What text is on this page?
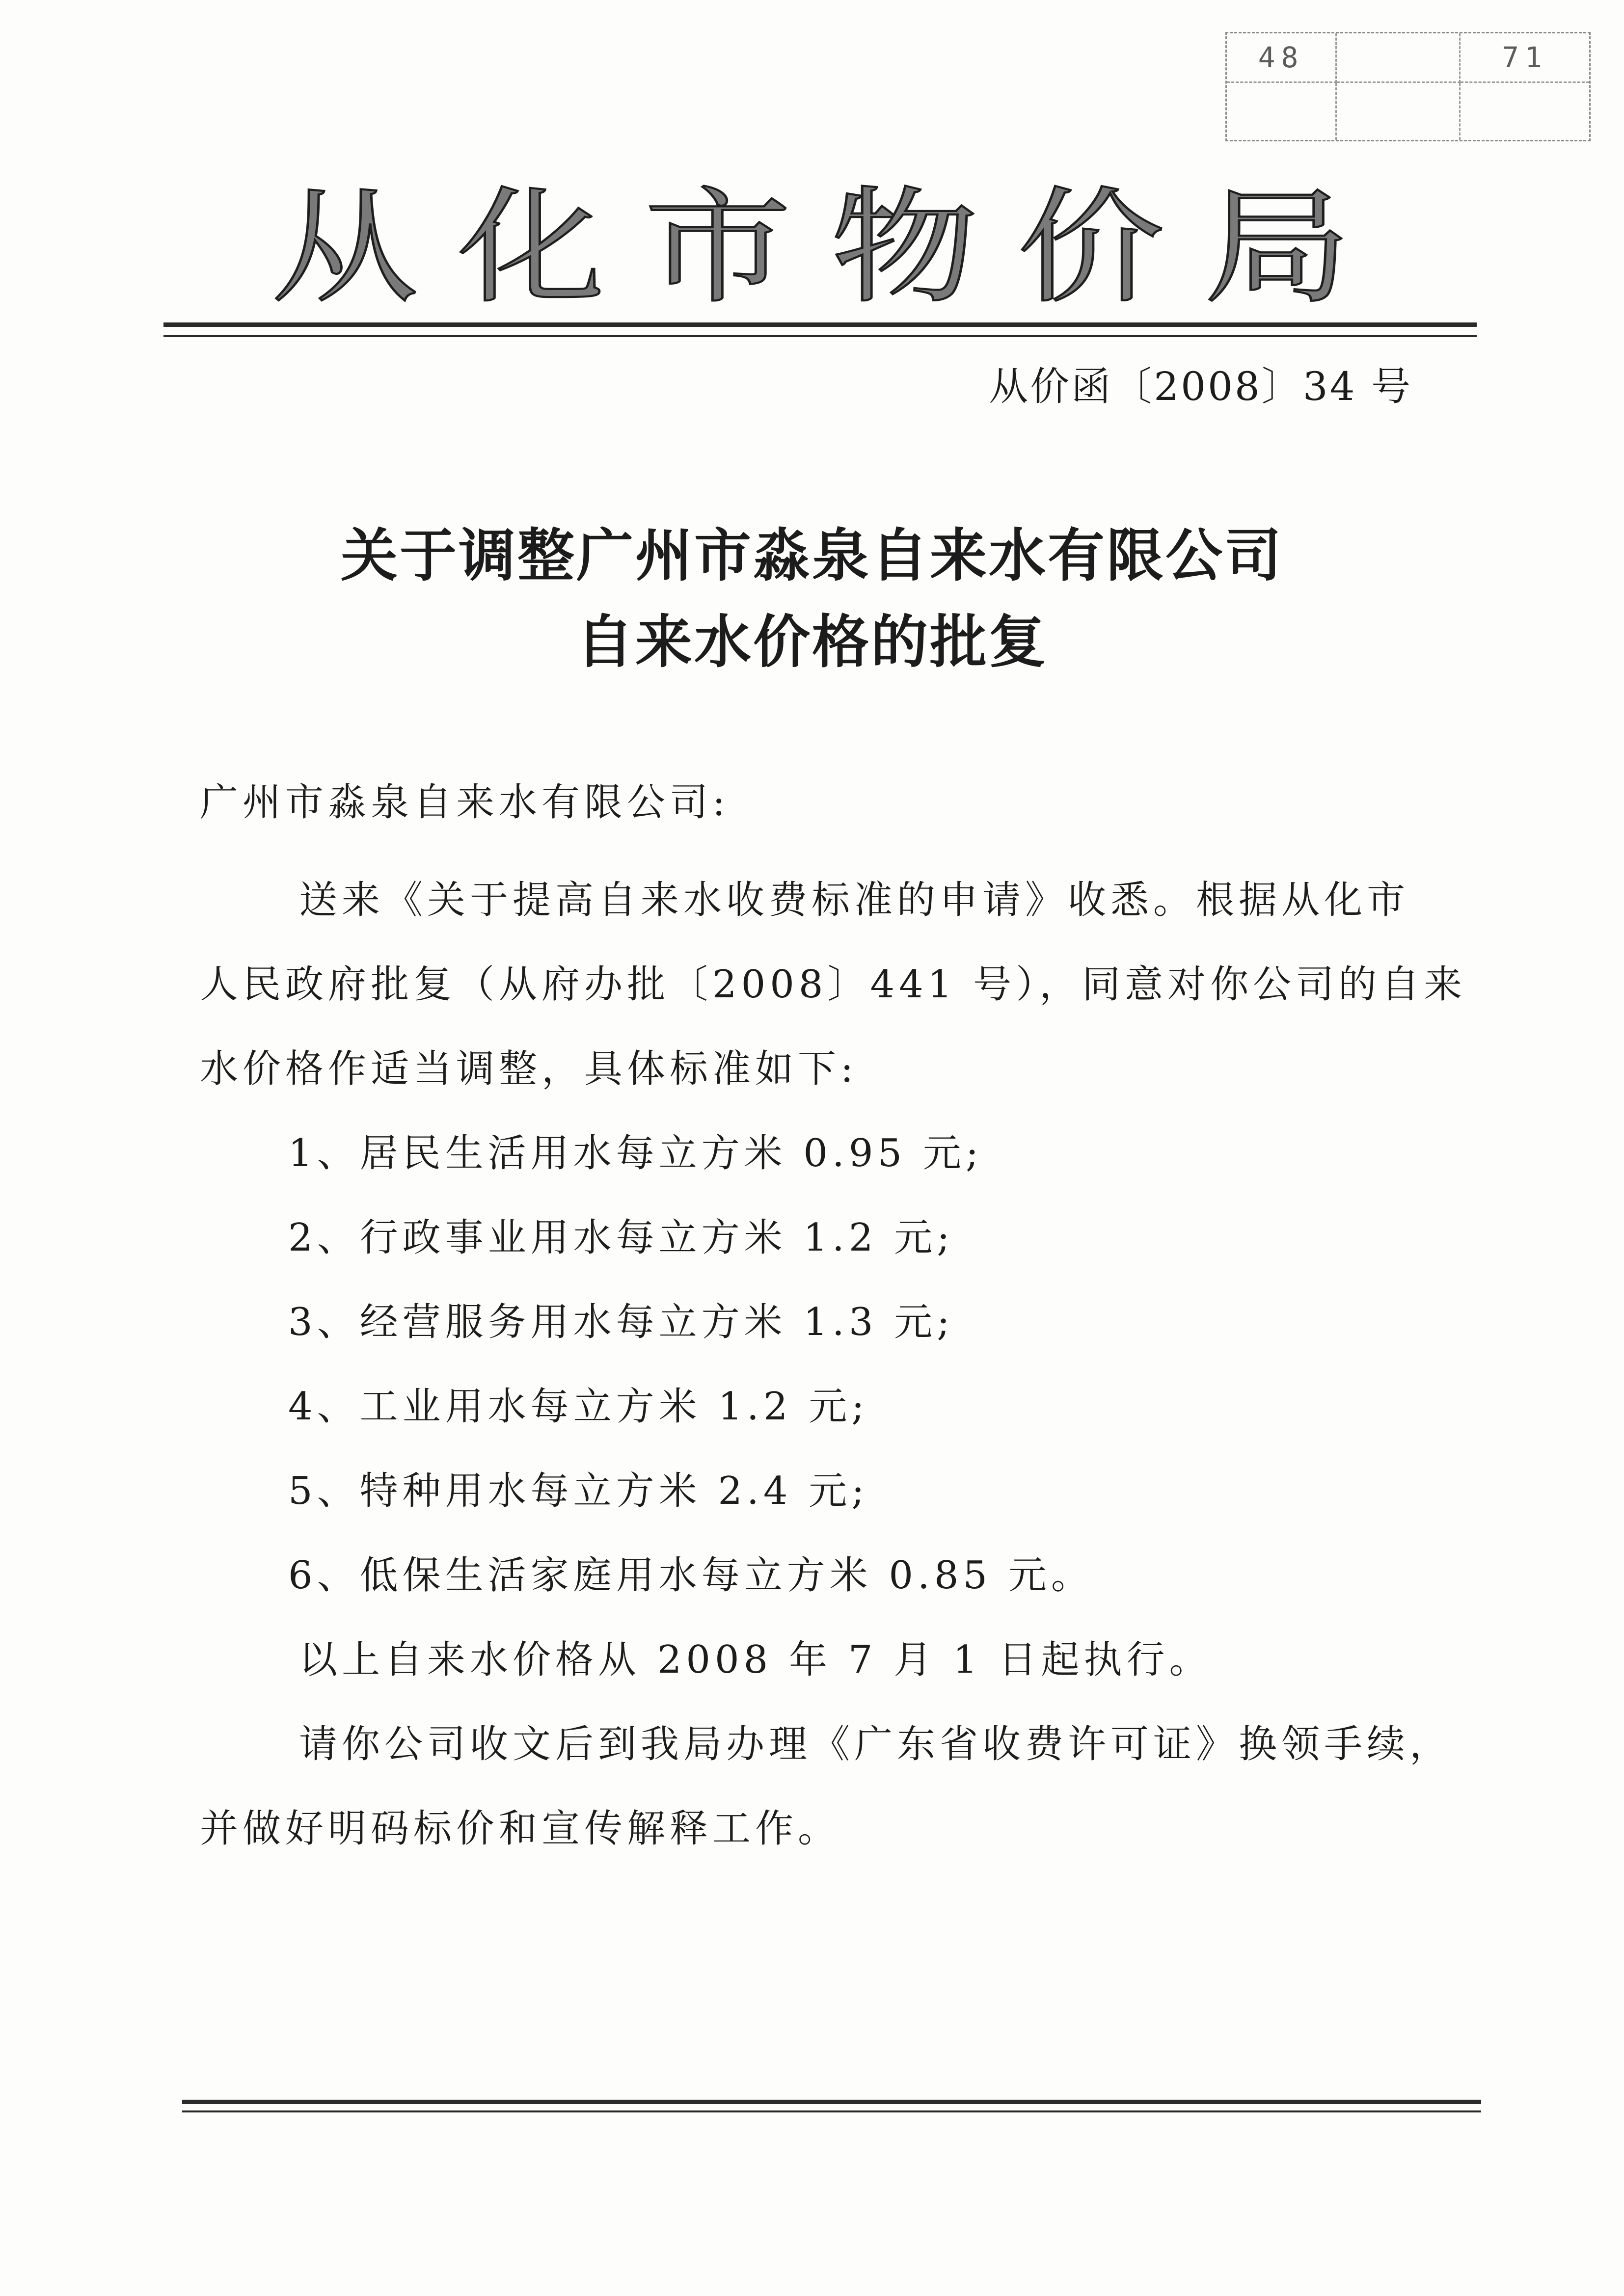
48	71
从化市物价局
从价函〔2008〕34 号
关于调整广州市淼泉自来水有限公司
自来水价格的批复
广州市淼泉自来水有限公司:
送来《关于提高自来水收费标准的申请》收悉。根据从化市
人民政府批复（从府办批〔2008〕441 号），同意对你公司的自来
水价格作适当调整，具体标准如下:
1、居民生活用水每立方米 0.95 元;
2、行政事业用水每立方米 1.2 元;
3、经营服务用水每立方米 1.3 元;
4、工业用水每立方米 1.2 元;
5、特种用水每立方米 2.4 元;
6、低保生活家庭用水每立方米 0.85 元。
以上自来水价格从 2008 年 7 月 1 日起执行。
请你公司收文后到我局办理《广东省收费许可证》换领手续，
并做好明码标价和宣传解释工作。
